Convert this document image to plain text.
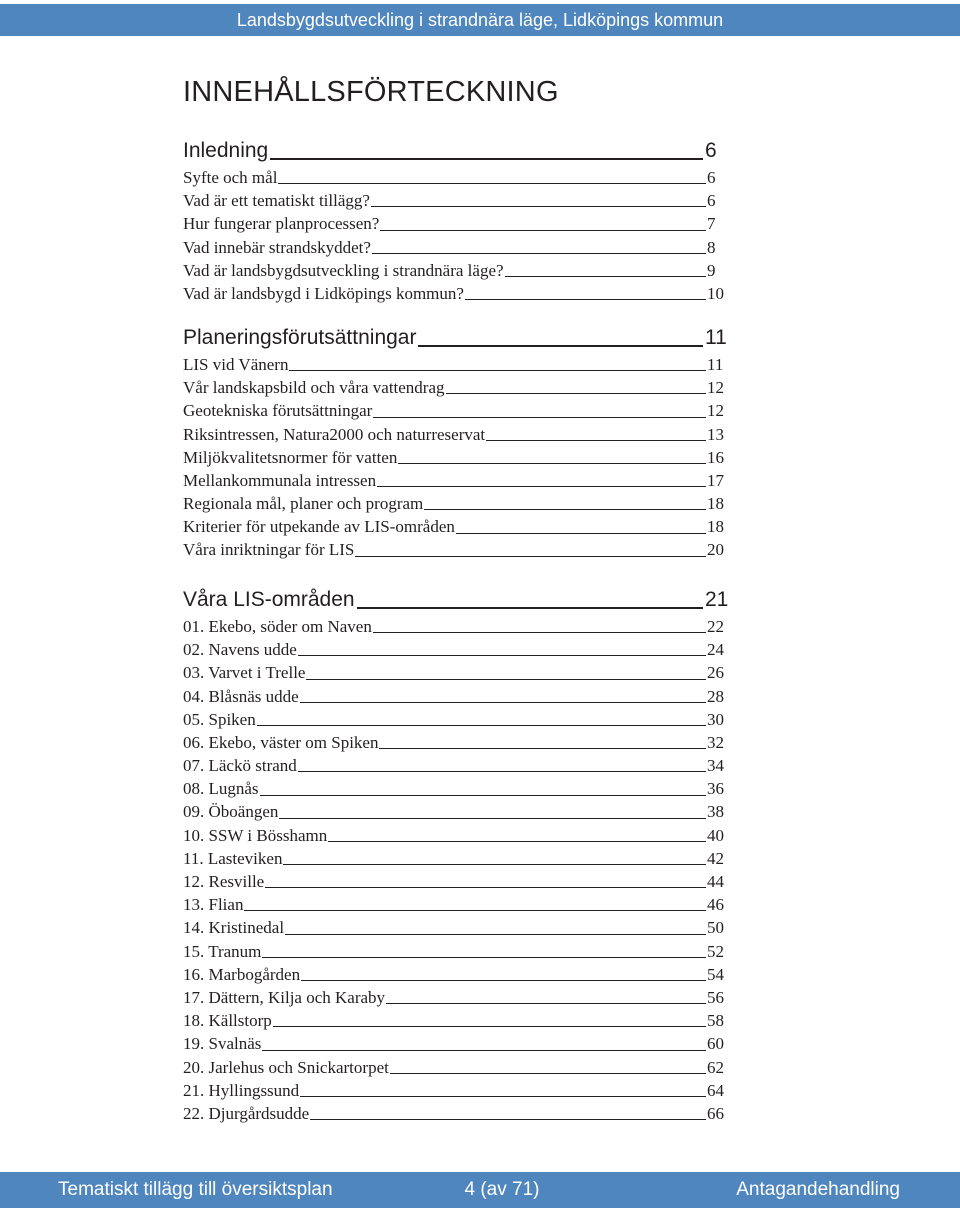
Landsbygdsutveckling i strandnära läge, Lidköpings kommun
INNEHÅLLSFÖRTECKNING
Inledning	6
Syfte och mål	6
Vad är ett tematiskt tillägg?	6
Hur fungerar planprocessen?	7
Vad innebär strandskyddet?	8
Vad är landsbygdsutveckling i strandnära läge?	9
Vad är landsbygd i Lidköpings kommun?	10
Planeringsförutsättningar	11
LIS vid Vänern	11
Vår landskapsbild och våra vattendrag	12
Geotekniska förutsättningar	12
Riksintressen, Natura2000 och naturreservat	13
Miljökvalitetsnormer för vatten	16
Mellankommunala intressen	17
Regionala mål, planer och program	18
Kriterier för utpekande av LIS-områden	18
Våra inriktningar för LIS	20
Våra LIS-områden	21
01. Ekebo, söder om Naven	22
02. Navens udde	24
03. Varvet i Trelle	26
04. Blåsnäs udde	28
05. Spiken	30
06. Ekebo, väster om Spiken	32
07. Läckö strand	34
08. Lugnås	36
09. Öboängen	38
10. SSW i Bösshamn	40
11. Lasteviken	42
12. Resville	44
13. Flian	46
14. Kristinedal	50
15. Tranum	52
16. Marbogården	54
17. Dättern, Kilja och Karaby	56
18. Källstorp	58
19. Svalnäs	60
20. Jarlehus och Snickartorpet	62
21. Hyllingssund	64
22. Djurgårdsudde	66
Tematiskt tillägg till översiktsplan	4 (av 71)	Antagandehandling
